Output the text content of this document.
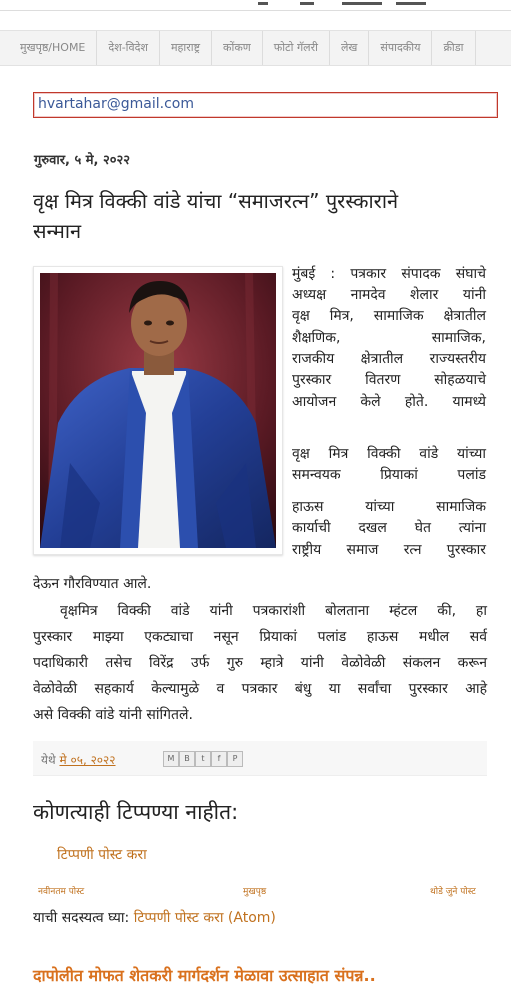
मुखपृष्ठ/HOME देश-विदेश महाराष्ट्र कोंकण फोटो गॅलरी लेख संपादकीय क्रीडा
hvartahar@gmail.com
गुरुवार, ५ मे, २०२२
वृक्ष मित्र विक्की वांडे यांचा “समाजरत्न” पुरस्काराने
सन्मान
मुंबई : पत्रकार संपादक संघाचे
अध्यक्ष नामदेव शेलार यांनी
वृक्ष मित्र, सामाजिक क्षेत्रातील
शैक्षणिक, सामाजिक,
राजकीय क्षेत्रातील राज्यस्तरीय
पुरस्कार वितरण सोहळयाचे
आयोजन केले होते. यामध्ये
वृक्ष मित्र विक्की वांडे यांच्या
समन्वयक प्रियाकां पलांड
हाऊस यांच्या सामाजिक
कार्याची दखल घेत त्यांना
राष्ट्रीय समाज रत्न पुरस्कार
देऊन गौरविण्यात आले.
वृक्षमित्र विक्की वांडे यांनी पत्रकारांशी बोलताना म्हंटल की, हा
पुरस्कार माझ्या एकट्याचा नसून प्रियाकां पलांड हाऊस मधील सर्व
पदाधिकारी तसेच विरेंद्र उर्फ गुरु म्हात्रे यांनी वेळोवेळी संकलन करून
वेळोवेळी सहकार्य केल्यामुळे व पत्रकार बंधु या सर्वांचा पुरस्कार आहे
असे विक्की वांडे यांनी सांगितले.
येथे मे ०५, २०२२	M	B	t	f	P
कोणत्याही टिप्पण्या नाहीत:
टिप्पणी पोस्ट करा
नवीनतम पोस्ट	मुखपृष्ठ	थोडे जुने पोस्ट
याची सदस्यत्व घ्या: टिप्पणी पोस्ट करा (Atom)
दापोलीत मोफत शेतकरी मार्गदर्शन मेळावा उत्साहात संपन्न..
